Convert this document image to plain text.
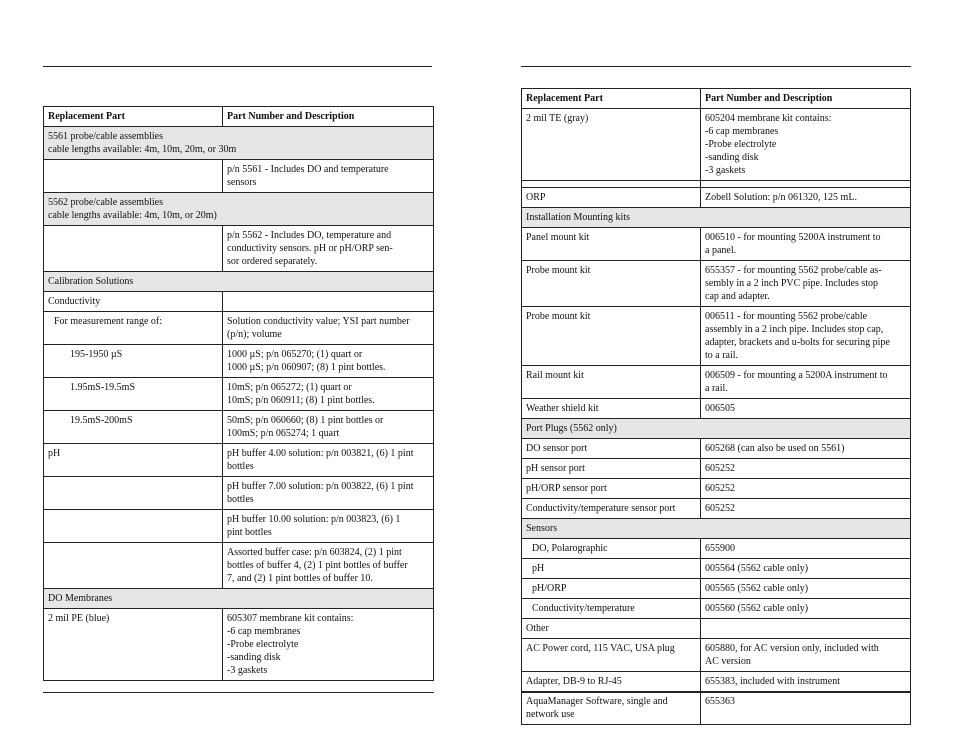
Replacement Part	Part Number and Description
5561 probe/cable assemblies
cable lengths available: 4m, 10m, 20m, or 30m	
	p/n 5561 - Includes DO and temperature
sensors
5562 probe/cable assemblies
cable lengths available: 4m, 10m, or 20m)	
	p/n 5562 - Includes DO, temperature and
conductivity sensors. pH or pH/ORP sen-
sor ordered separately.
Calibration Solutions	
Conductivity	
For measurement range of:	Solution conductivity value; YSI part number
(p/n); volume
195-1950 µS	1000 µS; p/n 065270; (1) quart or
1000 µS; p/n 060907; (8) 1 pint bottles.
1.95mS-19.5mS	10mS; p/n 065272; (1) quart or
10mS; p/n 060911; (8) 1 pint bottles.
19.5mS-200mS	50mS; p/n 060660; (8) 1 pint bottles or
100mS; p/n 065274; 1 quart
pH	pH buffer 4.00 solution: p/n 003821, (6) 1 pint
bottles
	pH buffer 7.00 solution: p/n 003822, (6) 1 pint
bottles
	pH buffer 10.00 solution: p/n 003823, (6) 1
pint bottles
	Assorted buffer case: p/n 603824, (2) 1 pint
bottles of buffer 4, (2) 1 pint bottles of buffer
7, and (2) 1 pint bottles of buffer 10.
DO Membranes	
2 mil PE (blue)	605307 membrane kit contains:
-6 cap membranes
-Probe electrolyte
-sanding disk
-3 gaskets

Replacement Part	Part Number and Description
2 mil TE (gray)	605204 membrane kit contains:
-6 cap membranes
-Probe electrolyte
-sanding disk
-3 gaskets

ORP	Zobell Solution: p/n 061320, 125 mL.
Installation Mounting kits	
Panel mount kit	006510 - for mounting 5200A instrument to
a panel.
Probe mount kit	655357 - for mounting 5562 probe/cable as-
sembly in a 2 inch PVC pipe. Includes stop
cap and adapter.
Probe mount kit	006511 - for mounting 5562 probe/cable
assembly in a 2 inch pipe. Includes stop cap,
adapter, brackets and u-bolts for securing pipe
to a rail.
Rail mount kit	006509 - for mounting a 5200A instrument to
a rail.
Weather shield kit	006505
Port Plugs (5562 only)	
DO sensor port	605268 (can also be used on 5561)
pH sensor port	605252
pH/ORP sensor port	605252
Conductivity/temperature sensor port	605252
Sensors	
DO, Polarographic	655900
pH	005564 (5562 cable only)
pH/ORP	005565 (5562 cable only)
Conductivity/temperature	005560 (5562 cable only)
Other	
AC Power cord, 115 VAC, USA plug	605880, for AC version only, included with
AC version
Adapter, DB-9 to RJ-45	655383, included with instrument
AquaManager Software, single and
network use	655363
